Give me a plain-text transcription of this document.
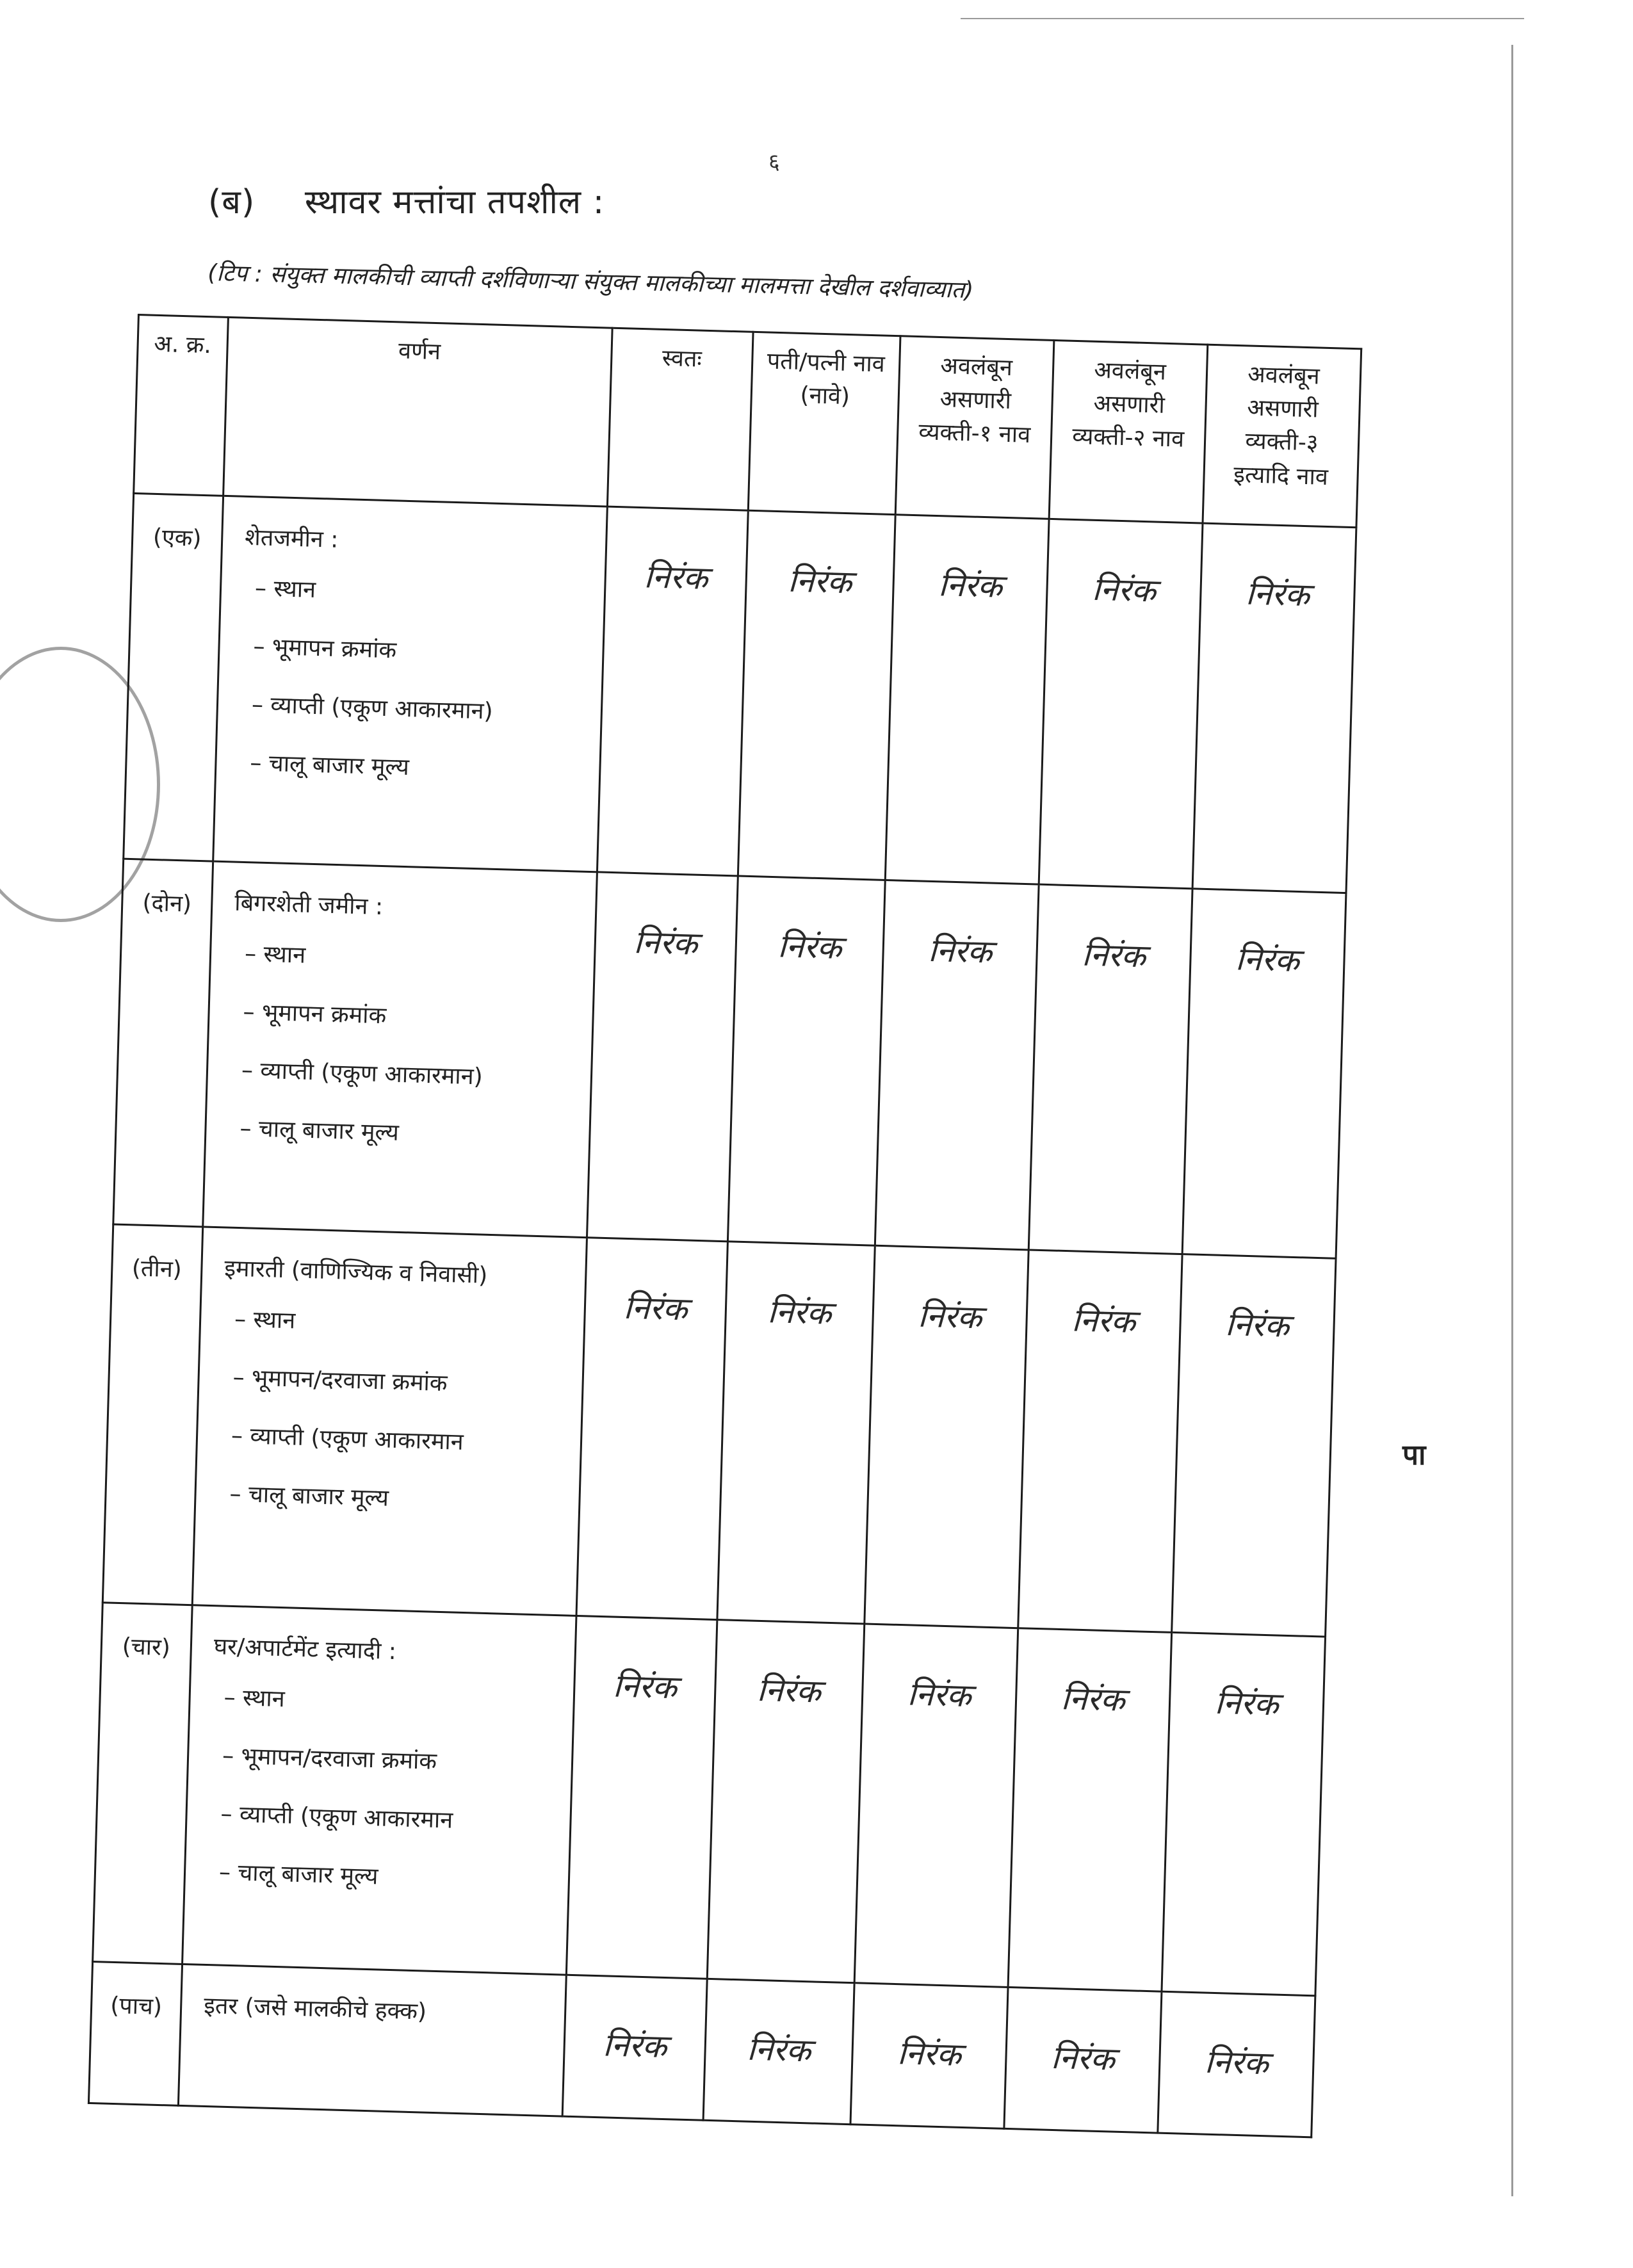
६
(ब) स्थावर मत्तांचा तपशील :
(टिप : संयुक्त मालकीची व्याप्ती दर्शविणाऱ्या संयुक्त मालकीच्या मालमत्ता देखील दर्शवाव्यात)
अ. क्र.	वर्णन	स्वतः	पती/पत्नी नाव (नावे)	अवलंबून असणारी व्यक्ती-१ नाव	अवलंबून असणारी व्यक्ती-२ नाव	अवलंबून असणारी व्यक्ती-३ इत्यादि नाव
(एक)	शेतजमीन :
– स्थान
– भूमापन क्रमांक
– व्याप्ती (एकूण आकारमान)
– चालू बाजार मूल्य	निरंक	निरंक	निरंक	निरंक	निरंक
(दोन)	बिगरशेती जमीन :
– स्थान
– भूमापन क्रमांक
– व्याप्ती (एकूण आकारमान)
– चालू बाजार मूल्य	निरंक	निरंक	निरंक	निरंक	निरंक
(तीन)	इमारती (वाणिज्यिक व निवासी)
– स्थान
– भूमापन/दरवाजा क्रमांक
– व्याप्ती (एकूण आकारमान
– चालू बाजार मूल्य	निरंक	निरंक	निरंक	निरंक	निरंक
(चार)	घर/अपार्टमेंट इत्यादी :
– स्थान
– भूमापन/दरवाजा क्रमांक
– व्याप्ती (एकूण आकारमान
– चालू बाजार मूल्य	निरंक	निरंक	निरंक	निरंक	निरंक
(पाच)	इतर (जसे मालकीचे हक्क)	निरंक	निरंक	निरंक	निरंक	निरंक
पा
